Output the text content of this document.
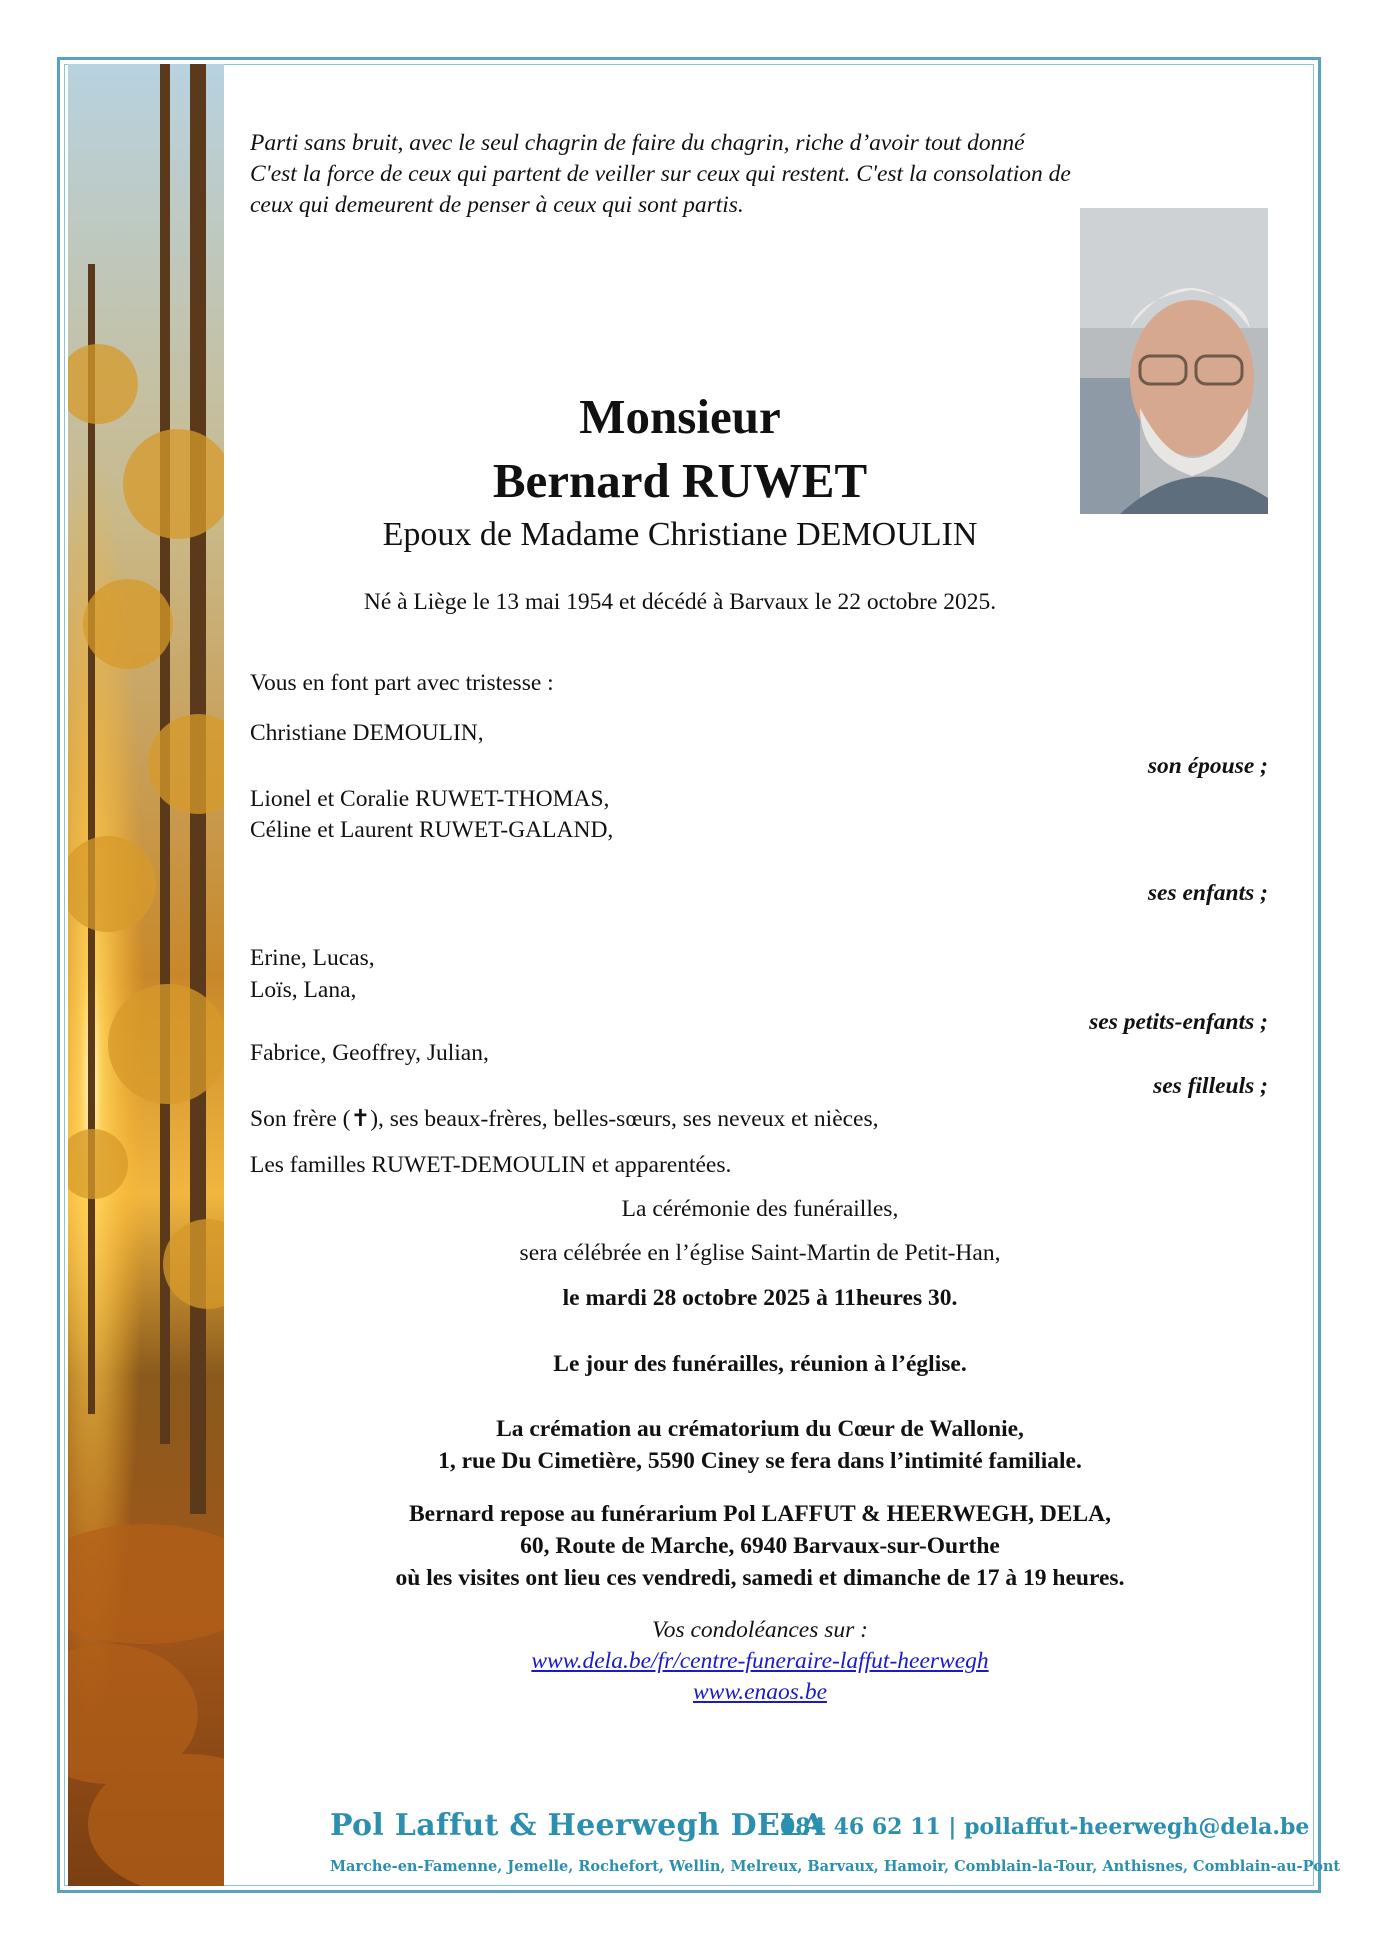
Parti sans bruit, avec le seul chagrin de faire du chagrin, riche d’avoir tout donné
C'est la force de ceux qui partent de veiller sur ceux qui restent. C'est la consolation de
ceux qui demeurent de penser à ceux qui sont partis.
Monsieur
Bernard RUWET
Epoux de Madame Christiane DEMOULIN
Né à Liège le 13 mai 1954 et décédé à Barvaux le 22 octobre 2025.
Vous en font part avec tristesse :
Christiane DEMOULIN,
son épouse ;
Lionel et Coralie RUWET-THOMAS,
Céline et Laurent RUWET-GALAND,
ses enfants ;
Erine, Lucas,
Loïs, Lana,
ses petits-enfants ;
Fabrice, Geoffrey, Julian,
ses filleuls ;
Son frère (✝), ses beaux-frères, belles-sœurs, ses neveux et nièces,
Les familles RUWET-DEMOULIN et apparentées.
La cérémonie des funérailles,
sera célébrée en l’église Saint-Martin de Petit-Han,
le mardi 28 octobre 2025 à 11heures 30.
Le jour des funérailles, réunion à l’église.
La crémation au crématorium du Cœur de Wallonie,
1, rue Du Cimetière, 5590 Ciney se fera dans l’intimité familiale.
Bernard repose au funérarium Pol LAFFUT & HEERWEGH, DELA,
60, Route de Marche, 6940 Barvaux-sur-Ourthe
où les visites ont lieu ces vendredi, samedi et dimanche de 17 à 19 heures.
Vos condoléances sur :
www.dela.be/fr/centre-funeraire-laffut-heerwegh
www.enaos.be
Pol Laffut & Heerwegh DELA
084 46 62 11 | pollaffut-heerwegh@dela.be
Marche-en-Famenne, Jemelle, Rochefort, Wellin, Melreux, Barvaux, Hamoir, Comblain-la-Tour, Anthisnes, Comblain-au-Pont
